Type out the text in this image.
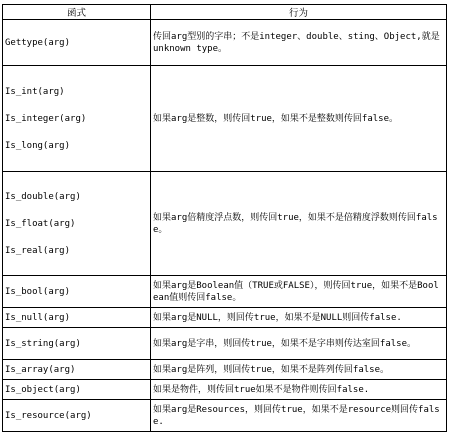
函式	行为

Gettype(arg)	传回arg型别的字串；不是integer、double、sting、Object,就是unknown type。

Is_int(arg)
Is_integer(arg)
Is_long(arg)	如果arg是整数，则传回true，如果不是整数则传回false。

Is_double(arg)
Is_float(arg)
Is_real(arg)	如果arg倍精度浮点数，则传回true，如果不是倍精度浮数则传回false。

Is_bool(arg)	如果arg是Boolean值（TRUE或FALSE），则传回true，如果不是Boolean值则传回false。

Is_null(arg)	如果arg是NULL，则回传true，如果不是NULL则回传false.

Is_string(arg)	如果arg是字串，则回传true，如果不是字串则传达室回false。

Is_array(arg)	如果arg是阵列，则回传true，如果不是阵列传回false。

Is_object(arg)	如果是物件，则传回true如果不是物件则传回false.

Is_resource(arg)	如果arg是Resources，则回传true，如果不是resource则回传false.
